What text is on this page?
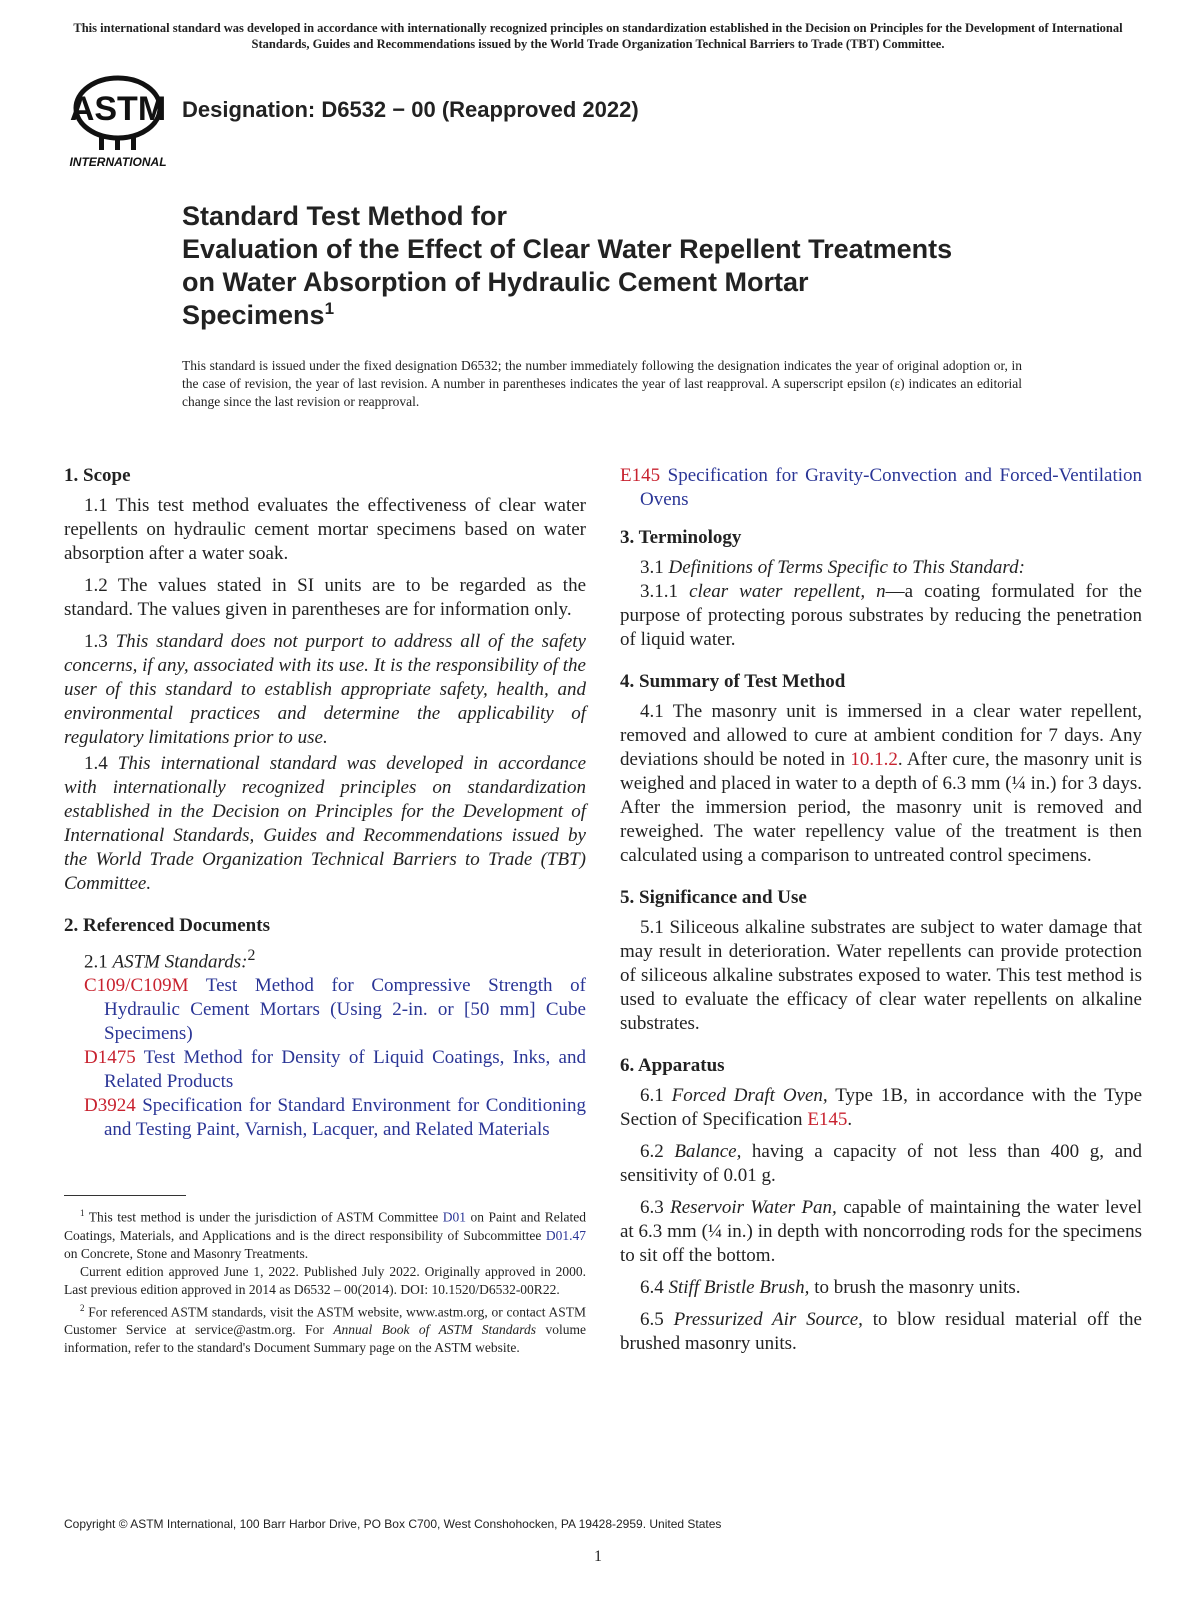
This international standard was developed in accordance with internationally recognized principles on standardization established in the Decision on Principles for the Development of International Standards, Guides and Recommendations issued by the World Trade Organization Technical Barriers to Trade (TBT) Committee.
ASTM
INTERNATIONAL
Designation: D6532 − 00 (Reapproved 2022)
Standard Test Method for
Evaluation of the Effect of Clear Water Repellent Treatments
on Water Absorption of Hydraulic Cement Mortar
Specimens$^1$
This standard is issued under the fixed designation D6532; the number immediately following the designation indicates the year of original adoption or, in the case of revision, the year of last revision. A number in parentheses indicates the year of last reapproval. A superscript epsilon (ε) indicates an editorial change since the last revision or reapproval.
1. Scope

1.1 This test method evaluates the effectiveness of clear water repellents on hydraulic cement mortar specimens based on water absorption after a water soak.

1.2 The values stated in SI units are to be regarded as the standard. The values given in parentheses are for information only.

1.3 This standard does not purport to address all of the safety concerns, if any, associated with its use. It is the responsibility of the user of this standard to establish appropriate safety, health, and environmental practices and determine the applicability of regulatory limitations prior to use.

1.4 This international standard was developed in accordance with internationally recognized principles on standardization established in the Decision on Principles for the Development of International Standards, Guides and Recommendations issued by the World Trade Organization Technical Barriers to Trade (TBT) Committee.

2. Referenced Documents

2.1 ASTM Standards:$^2$

C109/C109M Test Method for Compressive Strength of Hydraulic Cement Mortars (Using 2-in. or [50 mm] Cube Specimens)

D1475 Test Method for Density of Liquid Coatings, Inks, and Related Products

D3924 Specification for Standard Environment for Conditioning and Testing Paint, Varnish, Lacquer, and Related Materials

$^1$ This test method is under the jurisdiction of ASTM Committee D01 on Paint and Related Coatings, Materials, and Applications and is the direct responsibility of Subcommittee D01.47 on Concrete, Stone and Masonry Treatments.

Current edition approved June 1, 2022. Published July 2022. Originally approved in 2000. Last previous edition approved in 2014 as D6532 – 00(2014). DOI: 10.1520/D6532-00R22.

$^2$ For referenced ASTM standards, visit the ASTM website, www.astm.org, or contact ASTM Customer Service at service@astm.org. For Annual Book of ASTM Standards volume information, refer to the standard's Document Summary page on the ASTM website.

E145 Specification for Gravity-Convection and Forced-Ventilation Ovens

3. Terminology

3.1 Definitions of Terms Specific to This Standard:

3.1.1 clear water repellent, n—a coating formulated for the purpose of protecting porous substrates by reducing the penetration of liquid water.

4. Summary of Test Method

4.1 The masonry unit is immersed in a clear water repellent, removed and allowed to cure at ambient condition for 7 days. Any deviations should be noted in 10.1.2. After cure, the masonry unit is weighed and placed in water to a depth of 6.3 mm (¼ in.) for 3 days. After the immersion period, the masonry unit is removed and reweighed. The water repellency value of the treatment is then calculated using a comparison to untreated control specimens.

5. Significance and Use

5.1 Siliceous alkaline substrates are subject to water damage that may result in deterioration. Water repellents can provide protection of siliceous alkaline substrates exposed to water. This test method is used to evaluate the efficacy of clear water repellents on alkaline substrates.

6. Apparatus

6.1 Forced Draft Oven, Type 1B, in accordance with the Type Section of Specification E145.

6.2 Balance, having a capacity of not less than 400 g, and sensitivity of 0.01 g.

6.3 Reservoir Water Pan, capable of maintaining the water level at 6.3 mm (¼ in.) in depth with noncorroding rods for the specimens to sit off the bottom.

6.4 Stiff Bristle Brush, to brush the masonry units.

6.5 Pressurized Air Source, to blow residual material off the brushed masonry units.

Copyright © ASTM International, 100 Barr Harbor Drive, PO Box C700, West Conshohocken, PA 19428-2959. United States
1
